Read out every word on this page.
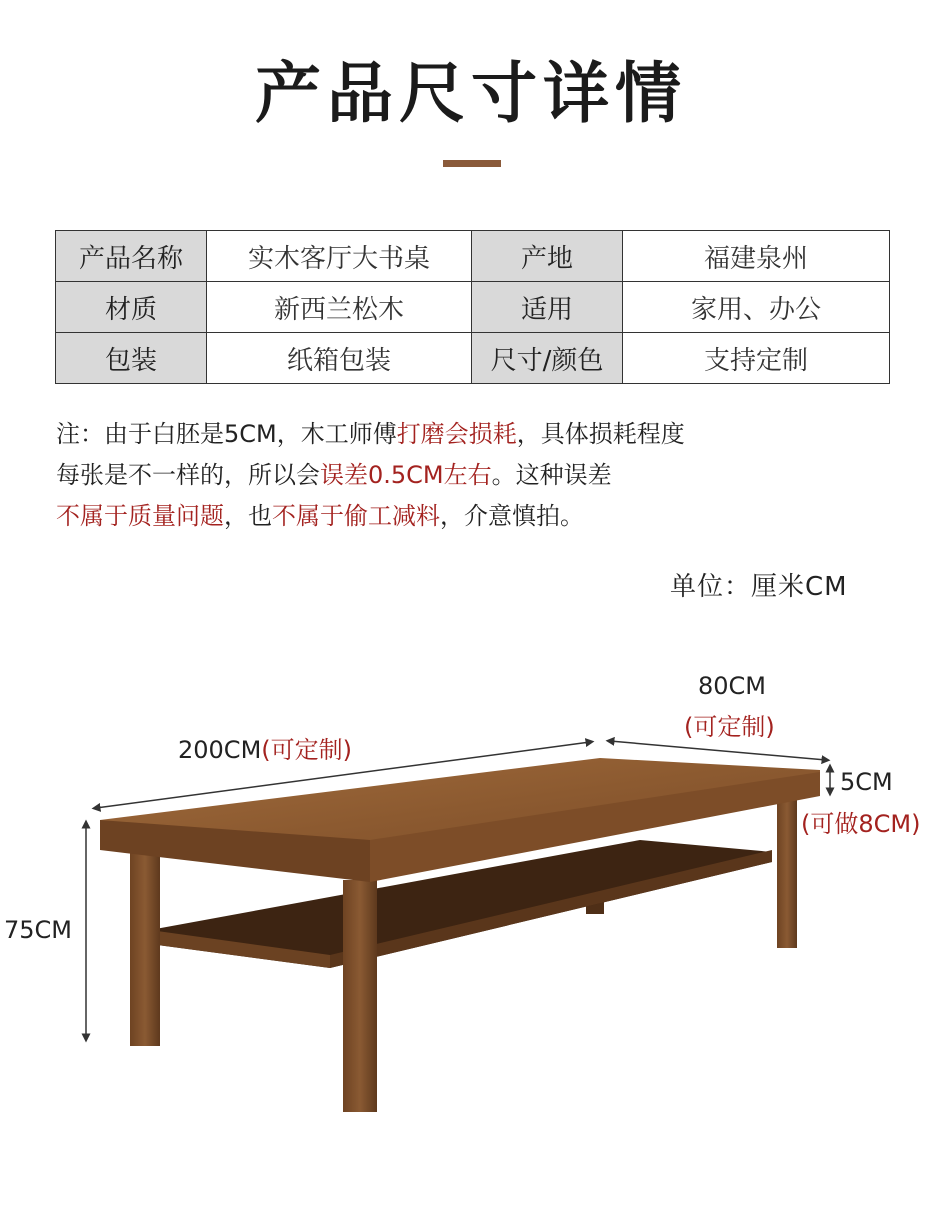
产品尺寸详情
产品名称	实木客厅大书桌	产地	福建泉州
材质	新西兰松木	适用	家用、办公
包装	纸箱包装	尺寸/颜色	支持定制
注：由于白胚是5CM，木工师傅打磨会损耗，具体损耗程度
每张是不一样的，所以会误差0.5CM左右。这种误差
不属于质量问题，也不属于偷工减料，介意慎拍。
单位：厘米CM
200CM(可定制)
80CM
(可定制)
5CM
(可做8CM)
75CM
